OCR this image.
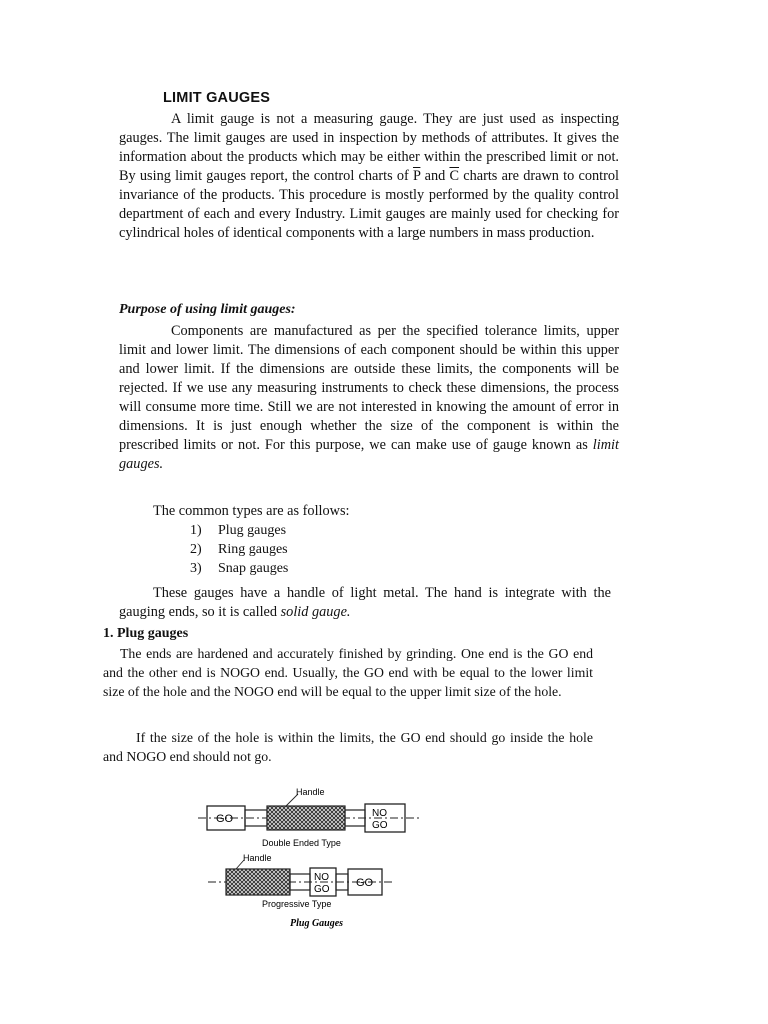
LIMIT GAUGES
A limit gauge is not a measuring gauge. They are just used as inspecting gauges. The limit gauges are used in inspection by methods of attributes. It gives the information about the products which may be either within the prescribed limit or not. By using limit gauges report, the control charts of $\overline{P}$ and $\overline{C}$ charts are drawn to control invariance of the products. This procedure is mostly performed by the quality control department of each and every Industry. Limit gauges are mainly used for checking for cylindrical holes of identical components with a large numbers in mass production.
Purpose of using limit gauges:
Components are manufactured as per the specified tolerance limits, upper limit and lower limit. The dimensions of each component should be within this upper and lower limit. If the dimensions are outside these limits, the components will be rejected. If we use any measuring instruments to check these dimensions, the process will consume more time. Still we are not interested in knowing the amount of error in dimensions. It is just enough whether the size of the component is within the prescribed limits or not. For this purpose, we can make use of gauge known as limit gauges.
The common types are as follows:
1) Plug gauges
2) Ring gauges
3) Snap gauges
These gauges have a handle of light metal. The hand is integrate with the gauging ends, so it is called solid gauge.
1. Plug gauges
The ends are hardened and accurately finished by grinding. One end is the GO end and the other end is NOGO end. Usually, the GO end with be equal to the lower limit size of the hole and the NOGO end will be equal to the upper limit size of the hole.
If the size of the hole is within the limits, the GO end should go inside the hole and NOGO end should not go.
GO	NO
GO
Handle
Double Ended Type
NO
GO
GO
Handle
Progressive Type
Plug Gauges
